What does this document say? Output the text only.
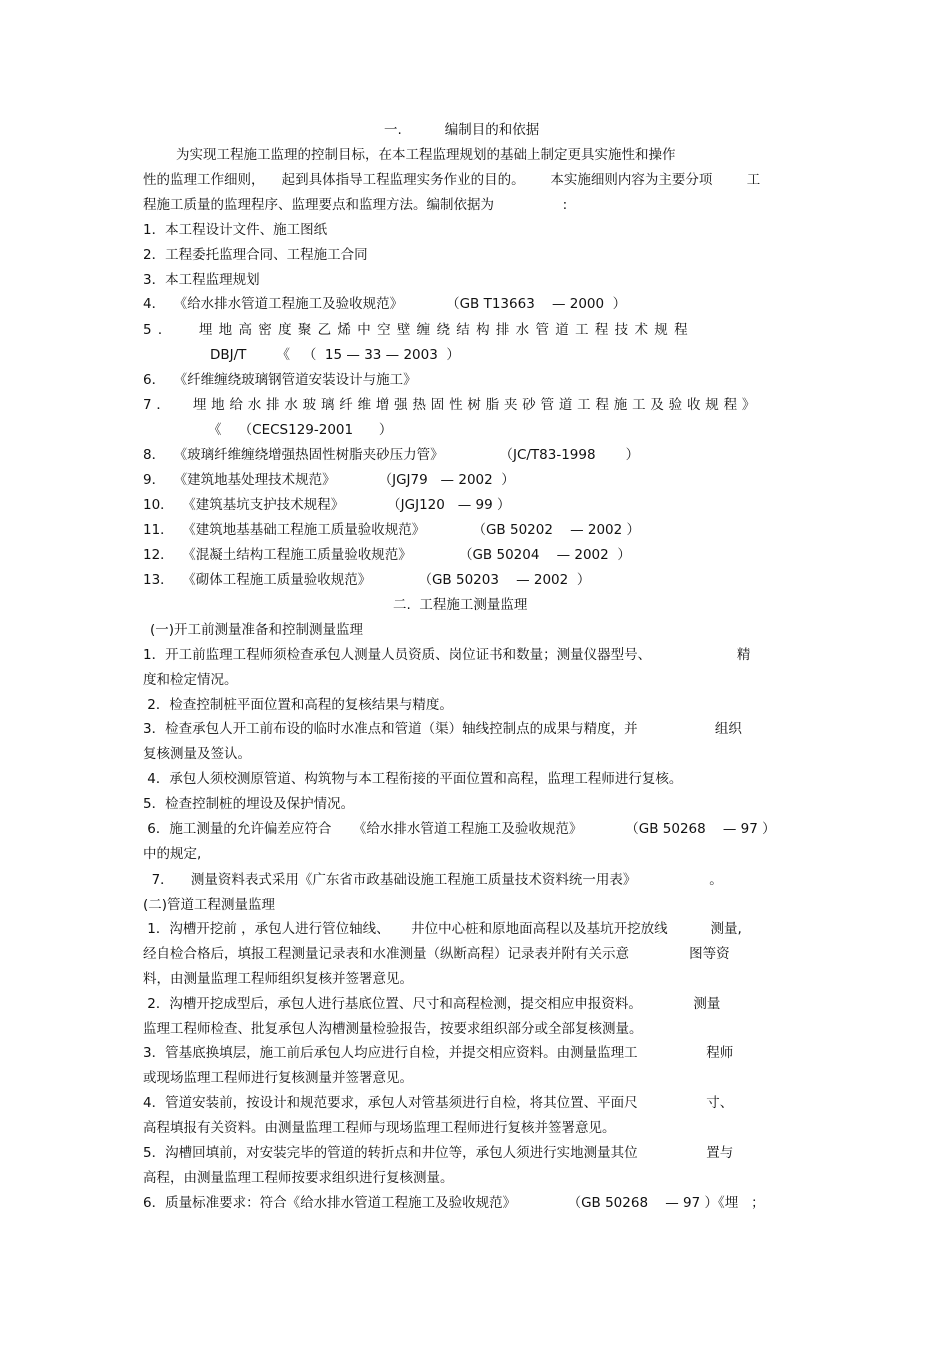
一.          编制目的和依据
为实现工程施工监理的控制目标，在本工程监理规划的基础上制定更具实施性和操作
性的监理工作细则，    起到具体指导工程监理实务作业的目的。      本实施细则内容为主要分项        工
程施工质量的监理程序、监理要点和监理方法。编制依据为                :
1．本工程设计文件、施工图纸
2．工程委托监理合同、工程施工合同
3．本工程监理规划
4．  《给水排水管道工程施工及验收规范》          （GB T13663    — 2000  ）
5．  埋地高密度聚乙烯中空壁缠绕结构排水管道工程技术规程
DBJ/T       《   （  15 — 33 — 2003  ）
6．  《纤维缠绕玻璃钢管道安装设计与施工》
7．  埋地给水排水玻璃纤维增强热固性树脂夹砂管道工程施工及验收规程》
《    （CECS129-2001      ）
8．  《玻璃纤维缠绕增强热固性树脂夹砂压力管》             （JC/T83-1998       ）
9．  《建筑地基处理技术规范》          （JGJ79   — 2002  ）
10．  《建筑基坑支护技术规程》          （JGJ120   — 99 ）
11．  《建筑地基基础工程施工质量验收规范》           （GB 50202    — 2002 ）
12．  《混凝土结构工程施工质量验收规范》           （GB 50204    — 2002  ）
13．  《砌体工程施工质量验收规范》           （GB 50203    — 2002  ）
二.  工程施工测量监理
(一)开工前测量准备和控制测量监理
1．开工前监理工程师须检查承包人测量人员资质、岗位证书和数量；测量仪器型号、                    精
度和检定情况。
2．检查控制桩平面位置和高程的复核结果与精度。
3．检查承包人开工前布设的临时水准点和管道（渠）轴线控制点的成果与精度，并                  组织
复核测量及签认。
4．承包人须校测原管道、构筑物与本工程衔接的平面位置和高程，监理工程师进行复核。
5．检查控制桩的埋设及保护情况。
6．施工测量的允许偏差应符合     《给水排水管道工程施工及验收规范》          （GB 50268    — 97 ）
中的规定,
7．    测量资料表式采用《广东省市政基础设施工程施工质量技术资料统一用表》                 。
(二)管道工程测量监理
1．沟槽开挖前 ，承包人进行管位轴线、     井位中心桩和原地面高程以及基坑开挖放线          测量,
经自检合格后，填报工程测量记录表和水准测量（纵断高程）记录表并附有关示意              图等资
料，由测量监理工程师组织复核并签署意见。
2．沟槽开挖成型后，承包人进行基底位置、尺寸和高程检测，提交相应申报资料。            测量
监理工程师检查、批复承包人沟槽测量检验报告，按要求组织部分或全部复核测量。
3．管基底换填层，施工前后承包人均应进行自检，并提交相应资料。由测量监理工                程师
或现场监理工程师进行复核测量并签署意见。
4．管道安装前，按设计和规范要求，承包人对管基须进行自检，将其位置、平面尺                寸、
高程填报有关资料。由测量监理工程师与现场监理工程师进行复核并签署意见。
5．沟槽回填前，对安装完毕的管道的转折点和井位等，承包人须进行实地测量其位                置与
高程，由测量监理工程师按要求组织进行复核测量。
6．质量标准要求：符合《给水排水管道工程施工及验收规范》            （GB 50268    — 97 ）《埋   ；
